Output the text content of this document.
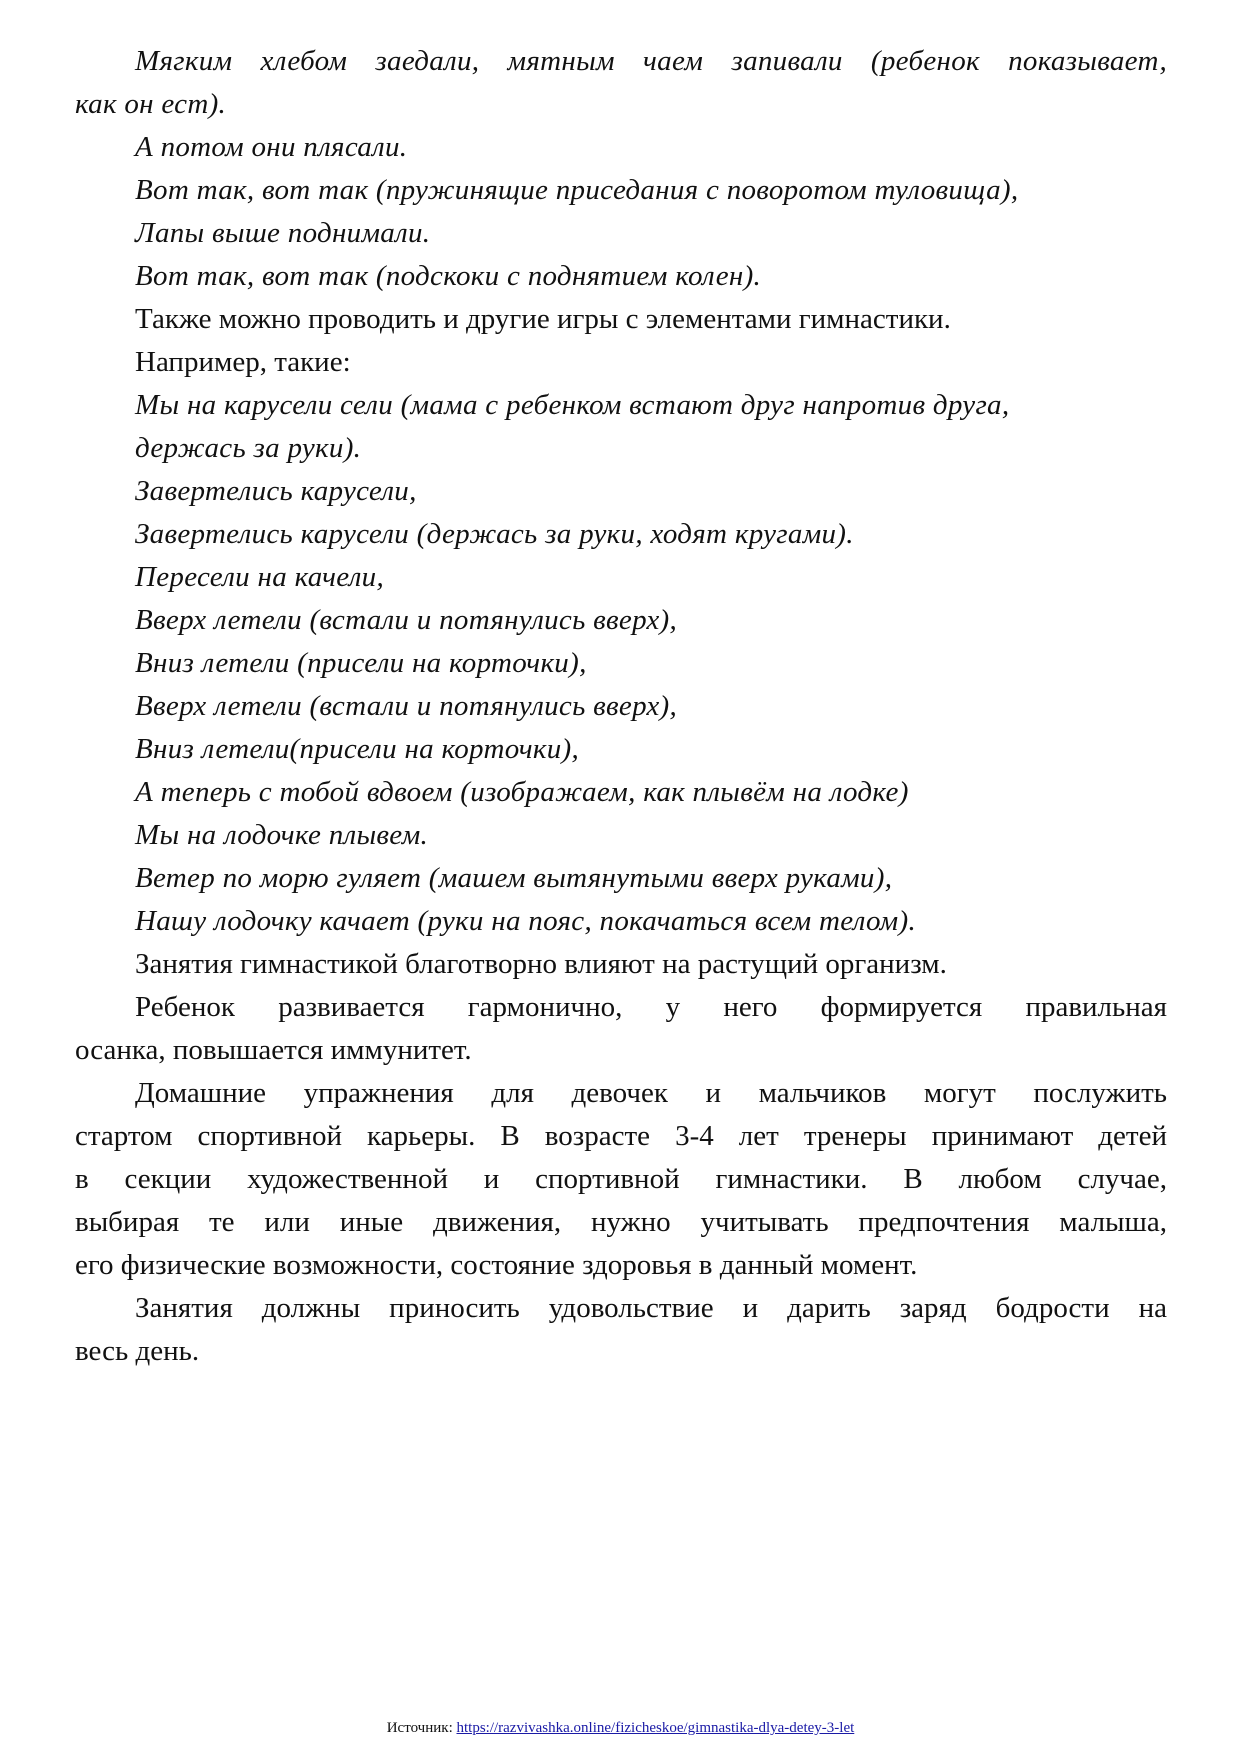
Мягким хлебом заедали, мятным чаем запивали (ребенок показывает,

как он ест).

А потом они плясали.

Вот так, вот так (пружинящие приседания с поворотом туловища),

Лапы выше поднимали.

Вот так, вот так (подскоки с поднятием колен).

Также можно проводить и другие игры с элементами гимнастики.

Например, такие:

Мы на карусели сели (мама с ребенком встают друг напротив друга,

держась за руки).

Завертелись карусели,

Завертелись карусели (держась за руки, ходят кругами).

Пересели на качели,

Вверх летели (встали и потянулись вверх),

Вниз летели (присели на корточки),

Вверх летели (встали и потянулись вверх),

Вниз летели(присели на корточки),

А теперь с тобой вдвоем (изображаем, как плывём на лодке)

Мы на лодочке плывем.

Ветер по морю гуляет (машем вытянутыми вверх руками),

Нашу лодочку качает (руки на пояс, покачаться всем телом).

Занятия гимнастикой благотворно влияют на растущий организм.

Ребенок развивается гармонично, у него формируется правильная

осанка, повышается иммунитет.

Домашние упражнения для девочек и мальчиков могут послужить

стартом спортивной карьеры. В возрасте 3-4 лет тренеры принимают детей

в секции художественной и спортивной гимнастики. В любом случае,

выбирая те или иные движения, нужно учитывать предпочтения малыша,

его физические возможности, состояние здоровья в данный момент.

Занятия должны приносить удовольствие и дарить заряд бодрости на

весь день.

Источник: https://razvivashka.online/fizicheskoe/gimnastika-dlya-detey-3-let
